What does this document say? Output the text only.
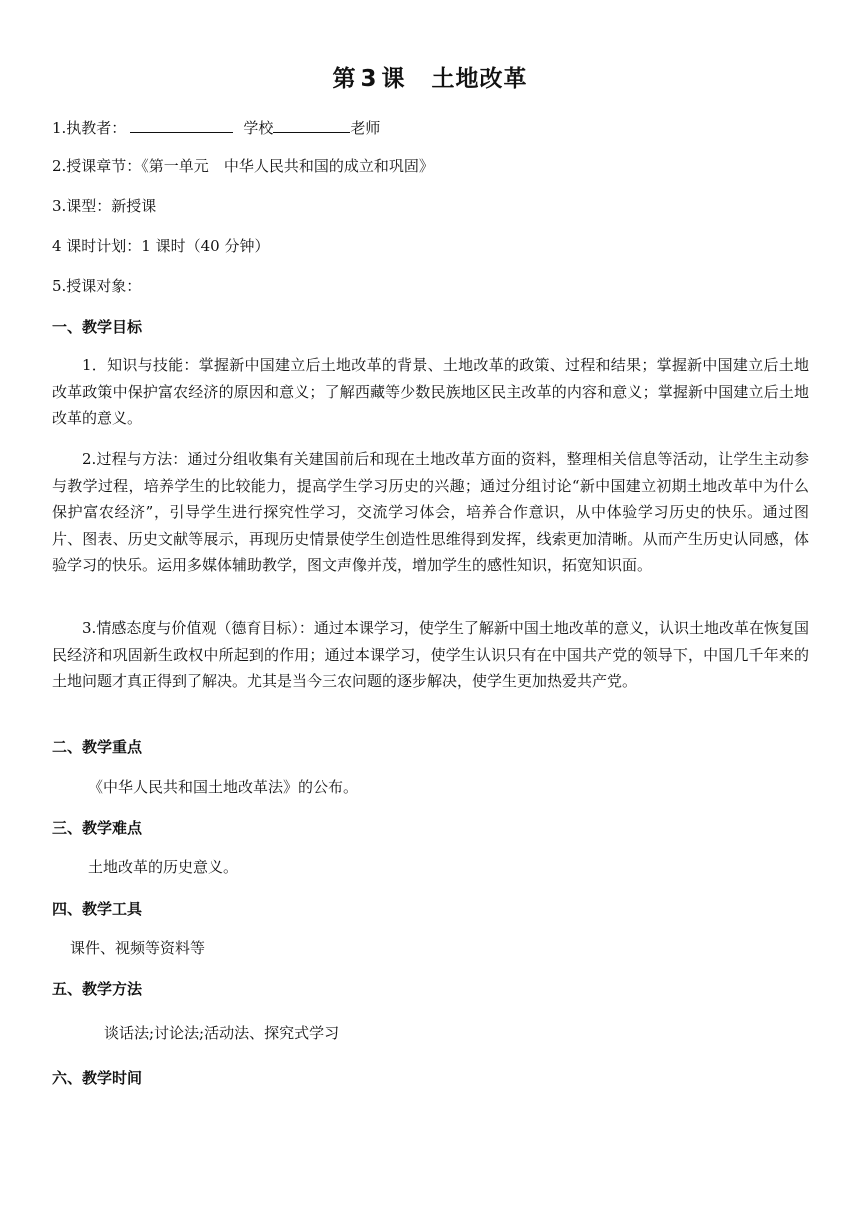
第 3 课 土地改革
1.执教者：	学校	老师
2.授课章节：《第一单元　中华人民共和国的成立和巩固》
3.课型：新授课
4 课时计划：1 课时（40 分钟）
5.授课对象：
一、教学目标

1．知识与技能：掌握新中国建立后土地改革的背景、土地改革的政策、过程和结果；掌握新中国建立后土地改革政策中保护富农经济的原因和意义；了解西藏等少数民族地区民主改革的内容和意义；掌握新中国建立后土地改革的意义。

2.过程与方法：通过分组收集有关建国前后和现在土地改革方面的资料，整理相关信息等活动，让学生主动参与教学过程，培养学生的比较能力，提高学生学习历史的兴趣；通过分组讨论“新中国建立初期土地改革中为什么保护富农经济”，引导学生进行探究性学习，交流学习体会，培养合作意识，从中体验学习历史的快乐。通过图片、图表、历史文献等展示，再现历史情景使学生创造性思维得到发挥，线索更加清晰。从而产生历史认同感，体验学习的快乐。运用多媒体辅助教学，图文声像并茂，增加学生的感性知识，拓宽知识面。

3.情感态度与价值观（德育目标）：通过本课学习，使学生了解新中国土地改革的意义，认识土地改革在恢复国民经济和巩固新生政权中所起到的作用；通过本课学习，使学生认识只有在中国共产党的领导下，中国几千年来的土地问题才真正得到了解决。尤其是当今三农问题的逐步解决，使学生更加热爱共产党。

二、教学重点
《中华人民共和国土地改革法》的公布。
三、教学难点
土地改革的历史意义。
四、教学工具
课件、视频等资料等
五、教学方法
谈话法;讨论法;活动法、探究式学习
六、教学时间
